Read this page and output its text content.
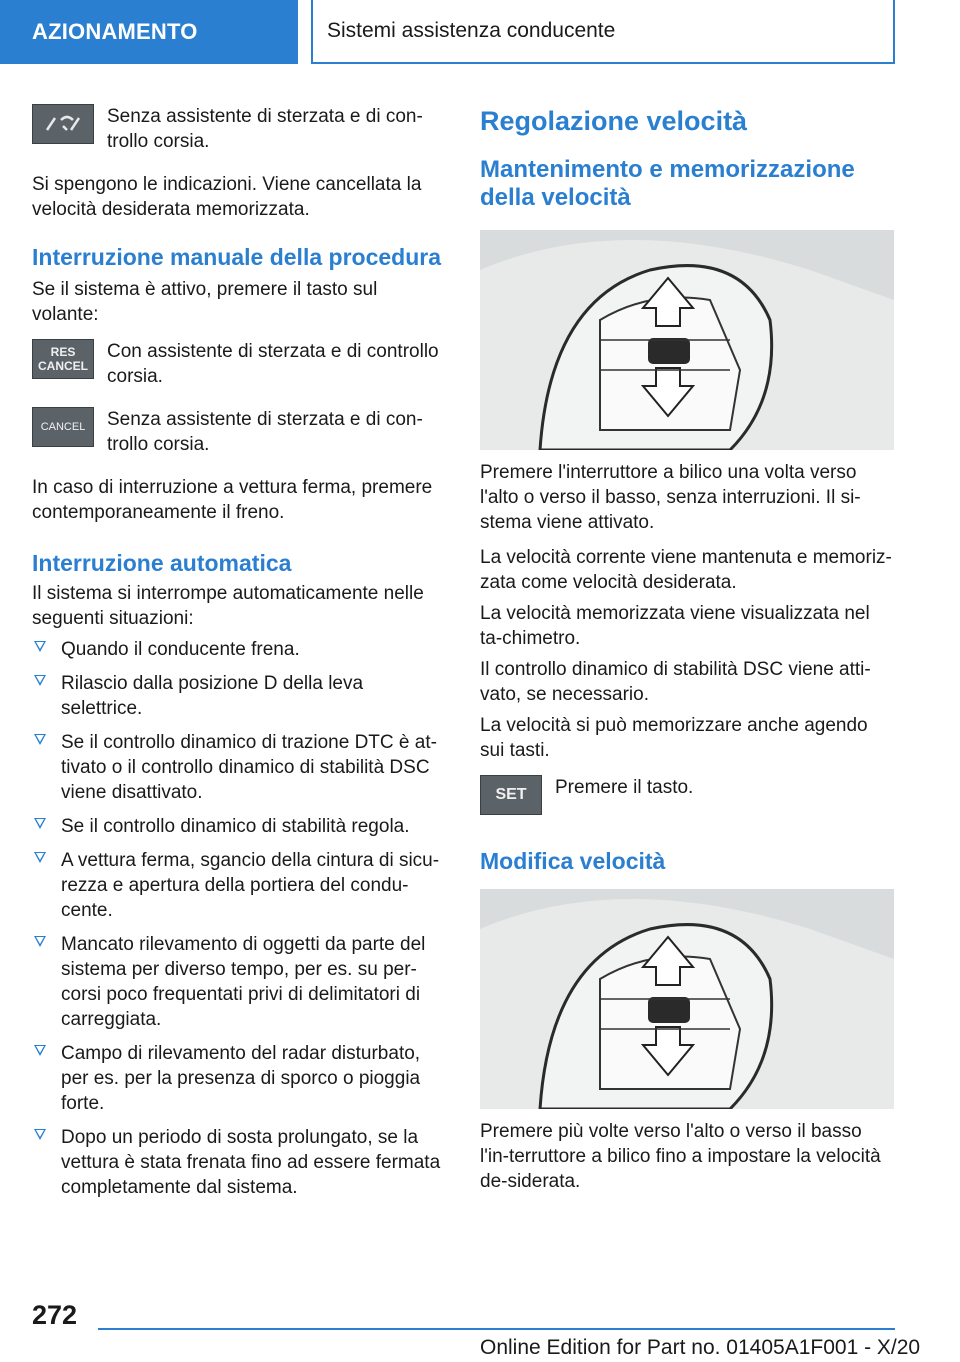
AZIONAMENTO	Sistemi assistenza conducente

Senza assistente di sterzata e di con-trollo corsia.

Si spengono le indicazioni. Viene cancellata la velocità desiderata memorizzata.

Interruzione manuale della procedura

Se il sistema è attivo, premere il tasto sul volante:

RES
CANCEL

Con assistente di sterzata e di controllo corsia.

CANCEL Senza assistente di sterzata e di con-trollo corsia.

In caso di interruzione a vettura ferma, premere contemporaneamente il freno.

Interruzione automatica

Il sistema si interrompe automaticamente nelle seguenti situazioni:

Quando il conducente frena.
Rilascio dalla posizione D della leva selettrice.
Se il controllo dinamico di trazione DTC è at-tivato o il controllo dinamico di stabilità DSC viene disattivato.
Se il controllo dinamico di stabilità regola.
A vettura ferma, sgancio della cintura di sicu-rezza e apertura della portiera del condu-cente.
Mancato rilevamento di oggetti da parte del sistema per diverso tempo, per es. su per-corsi poco frequentati privi di delimitatori di carreggiata.
Campo di rilevamento del radar disturbato, per es. per la presenza di sporco o pioggia forte.
Dopo un periodo di sosta prolungato, se la vettura è stata frenata fino ad essere fermata completamente dal sistema.

Regolazione velocità

Mantenimento e memorizzazione della velocità

Premere l'interruttore a bilico una volta verso l'alto o verso il basso, senza interruzioni. Il si-stema viene attivato.

La velocità corrente viene mantenuta e memoriz-zata come velocità desiderata.

La velocità memorizzata viene visualizzata nel ta-chimetro.

Il controllo dinamico di stabilità DSC viene atti-vato, se necessario.

La velocità si può memorizzare anche agendo sui tasti.

SET Premere il tasto.

Modifica velocità

Premere più volte verso l'alto o verso il basso l'in-terruttore a bilico fino a impostare la velocità de-siderata.

272
Online Edition for Part no. 01405A1F001 - X/20
